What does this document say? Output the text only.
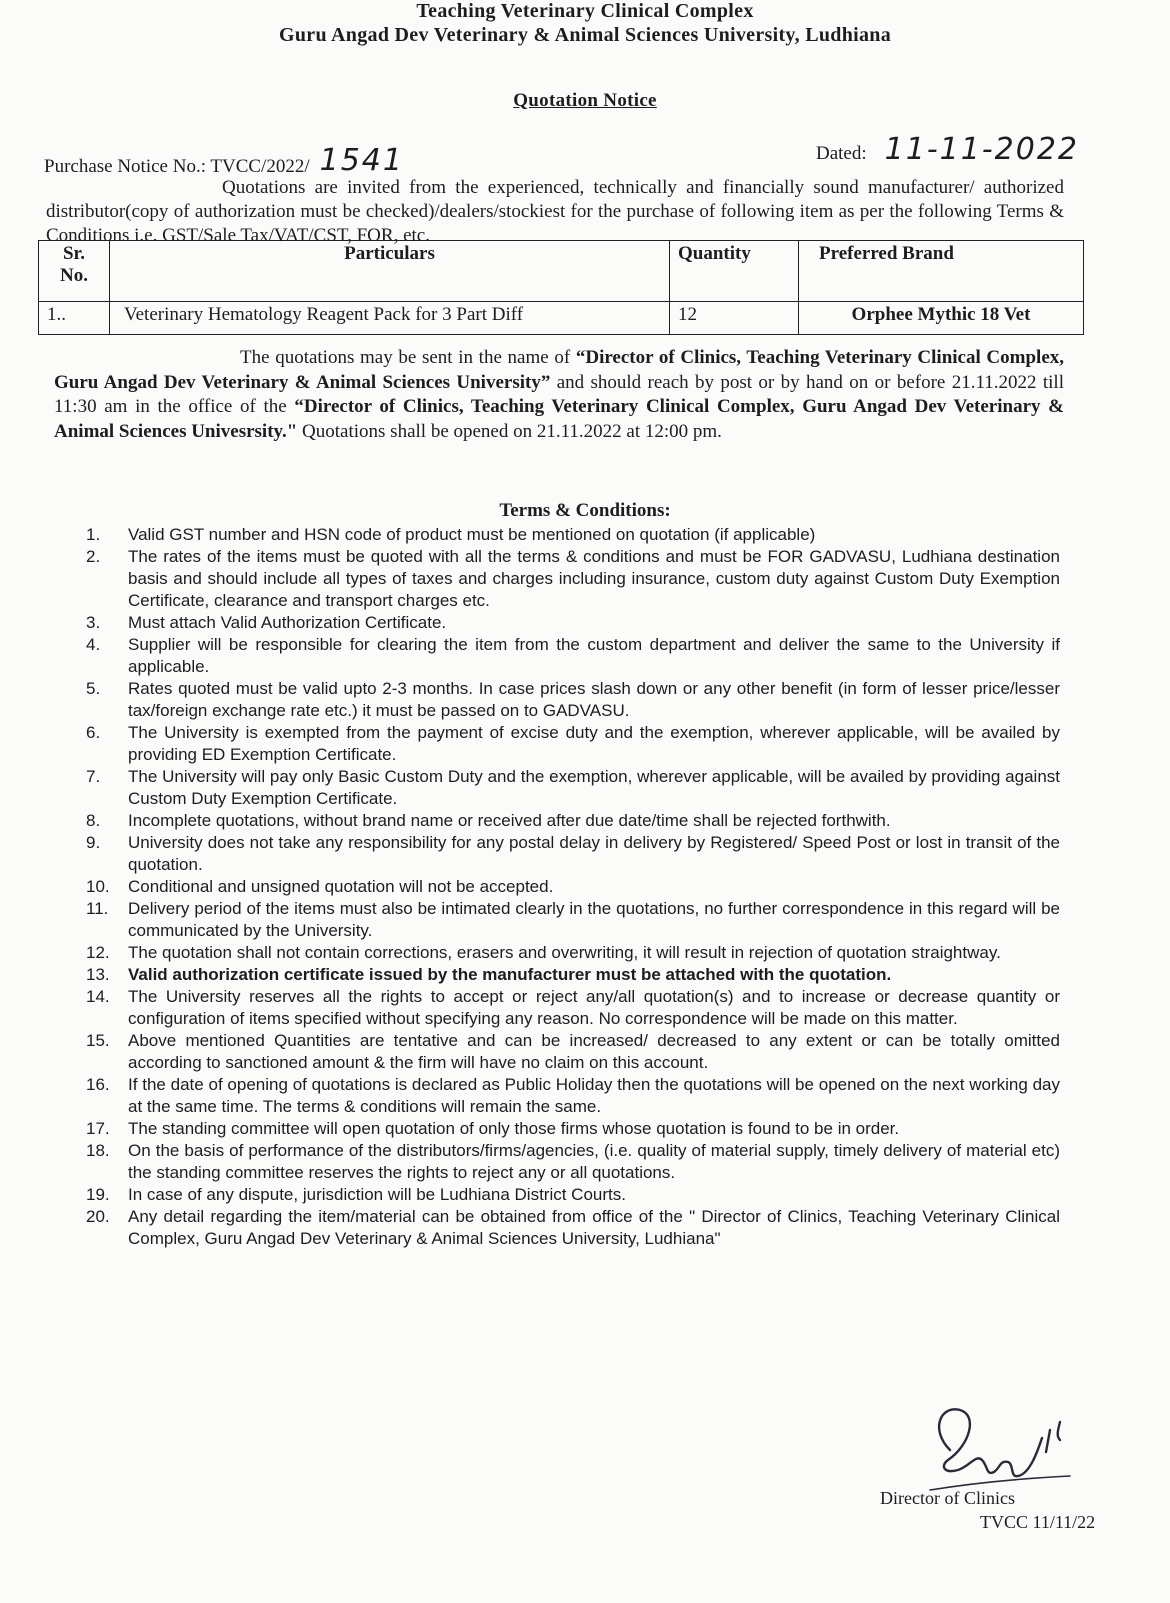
Teaching Veterinary Clinical Complex
Guru Angad Dev Veterinary & Animal Sciences University, Ludhiana
Quotation Notice
Purchase Notice No.: TVCC/2022/ 1541	Dated: 11-11-2022
Quotations are invited from the experienced, technically and financially sound manufacturer/ authorized distributor(copy of authorization must be checked)/dealers/stockiest for the purchase of following item as per the following Terms & Conditions i.e. GST/Sale Tax/VAT/CST, FOR, etc.
Sr. No.	Particulars	Quantity	Preferred Brand
1..	Veterinary Hematology Reagent Pack for 3 Part Diff	12	Orphee Mythic 18 Vet
The quotations may be sent in the name of “Director of Clinics, Teaching Veterinary Clinical Complex, Guru Angad Dev Veterinary & Animal Sciences University” and should reach by post or by hand on or before 21.11.2022 till 11:30 am in the office of the “Director of Clinics, Teaching Veterinary Clinical Complex, Guru Angad Dev Veterinary & Animal Sciences Univesrsity." Quotations shall be opened on 21.11.2022 at 12:00 pm.
Terms & Conditions:
1.	Valid GST number and HSN code of product must be mentioned on quotation (if applicable)
2.	The rates of the items must be quoted with all the terms & conditions and must be FOR GADVASU, Ludhiana destination basis and should include all types of taxes and charges including insurance, custom duty against Custom Duty Exemption Certificate, clearance and transport charges etc.
3.	Must attach Valid Authorization Certificate.
4.	Supplier will be responsible for clearing the item from the custom department and deliver the same to the University if applicable.
5.	Rates quoted must be valid upto 2-3 months. In case prices slash down or any other benefit (in form of lesser price/lesser tax/foreign exchange rate etc.) it must be passed on to GADVASU.
6.	The University is exempted from the payment of excise duty and the exemption, wherever applicable, will be availed by providing ED Exemption Certificate.
7.	The University will pay only Basic Custom Duty and the exemption, wherever applicable, will be availed by providing against Custom Duty Exemption Certificate.
8.	Incomplete quotations, without brand name or received after due date/time shall be rejected forthwith.
9.	University does not take any responsibility for any postal delay in delivery by Registered/ Speed Post or lost in transit of the quotation.
10.	Conditional and unsigned quotation will not be accepted.
11.	Delivery period of the items must also be intimated clearly in the quotations, no further correspondence in this regard will be communicated by the University.
12.	The quotation shall not contain corrections, erasers and overwriting, it will result in rejection of quotation straightway.
13.	Valid authorization certificate issued by the manufacturer must be attached with the quotation.
14.	The University reserves all the rights to accept or reject any/all quotation(s) and to increase or decrease quantity or configuration of items specified without specifying any reason. No correspondence will be made on this matter.
15.	Above mentioned Quantities are tentative and can be increased/ decreased to any extent or can be totally omitted according to sanctioned amount & the firm will have no claim on this account.
16.	If the date of opening of quotations is declared as Public Holiday then the quotations will be opened on the next working day at the same time. The terms & conditions will remain the same.
17.	The standing committee will open quotation of only those firms whose quotation is found to be in order.
18.	On the basis of performance of the distributors/firms/agencies, (i.e. quality of material supply, timely delivery of material etc) the standing committee reserves the rights to reject any or all quotations.
19.	In case of any dispute, jurisdiction will be Ludhiana District Courts.
20.	Any detail regarding the item/material can be obtained from office of the " Director of Clinics, Teaching Veterinary Clinical Complex, Guru Angad Dev Veterinary & Animal Sciences University, Ludhiana"
Director of Clinics
TVCC 11/11/22
